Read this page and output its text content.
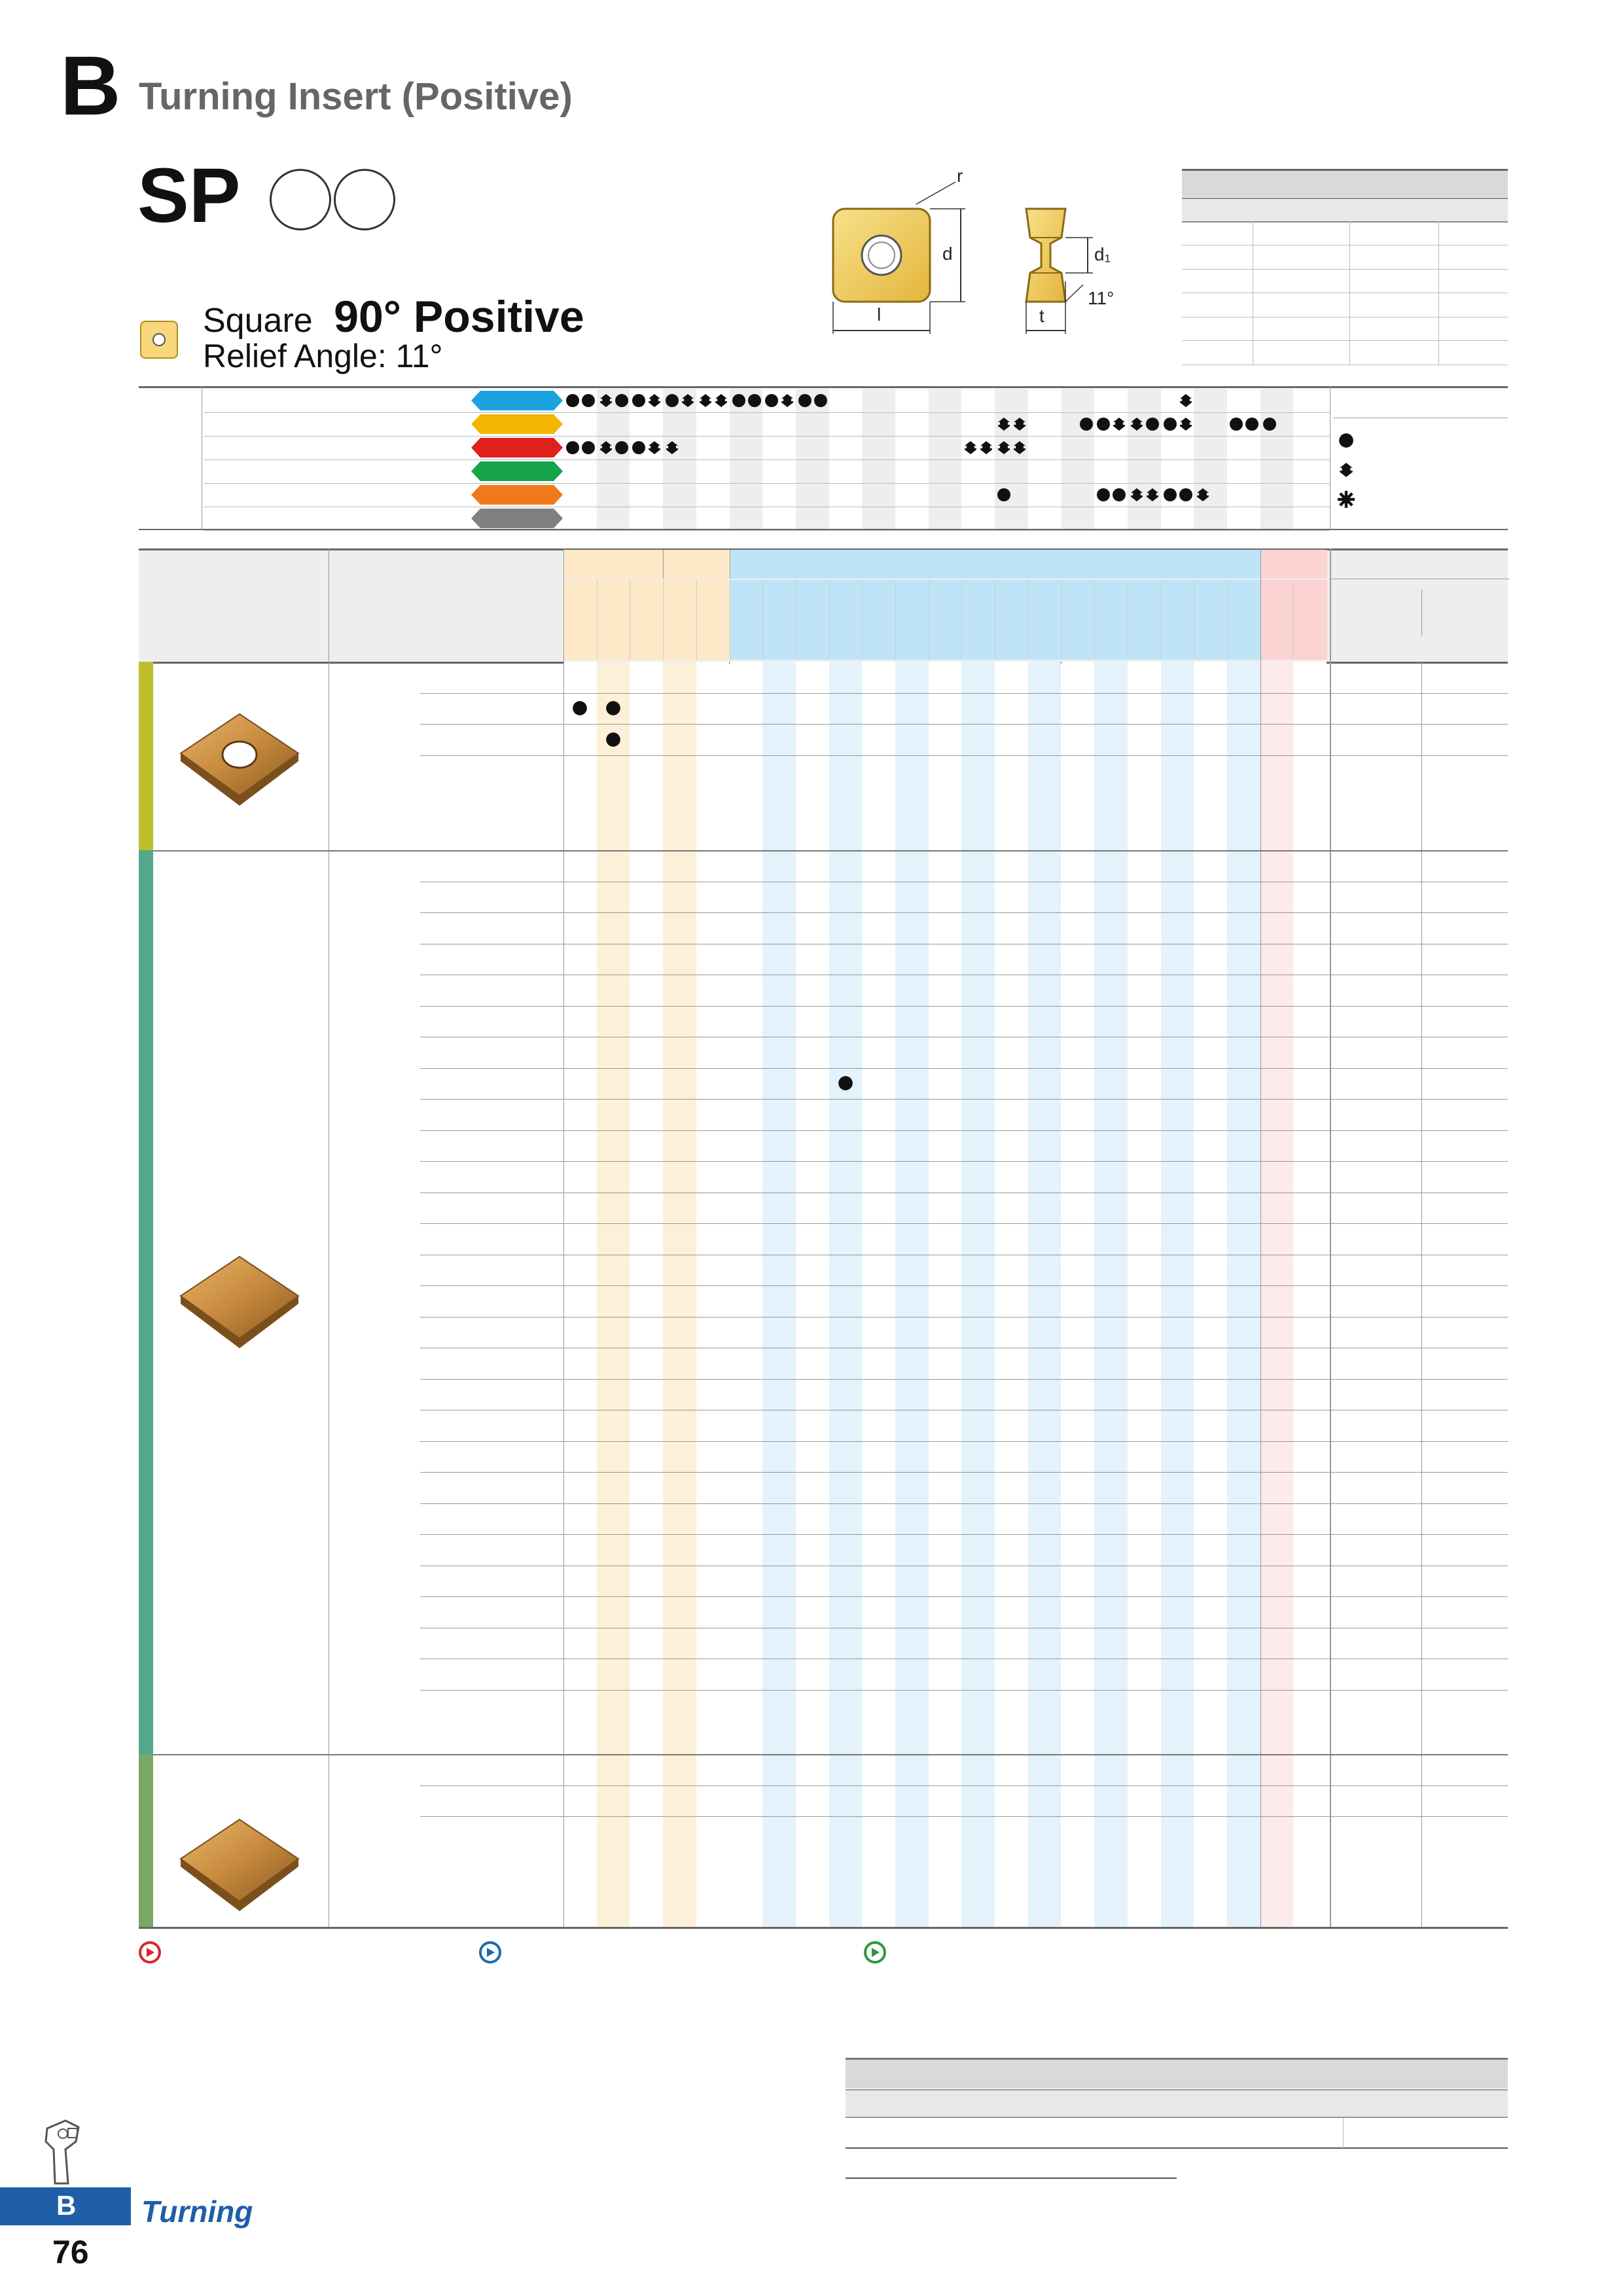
B Turning Insert (Positive)
SP
Square 90° Positive
Relief Angle: 11°
r
d
l	t
d₁
11°
B Turning
76
